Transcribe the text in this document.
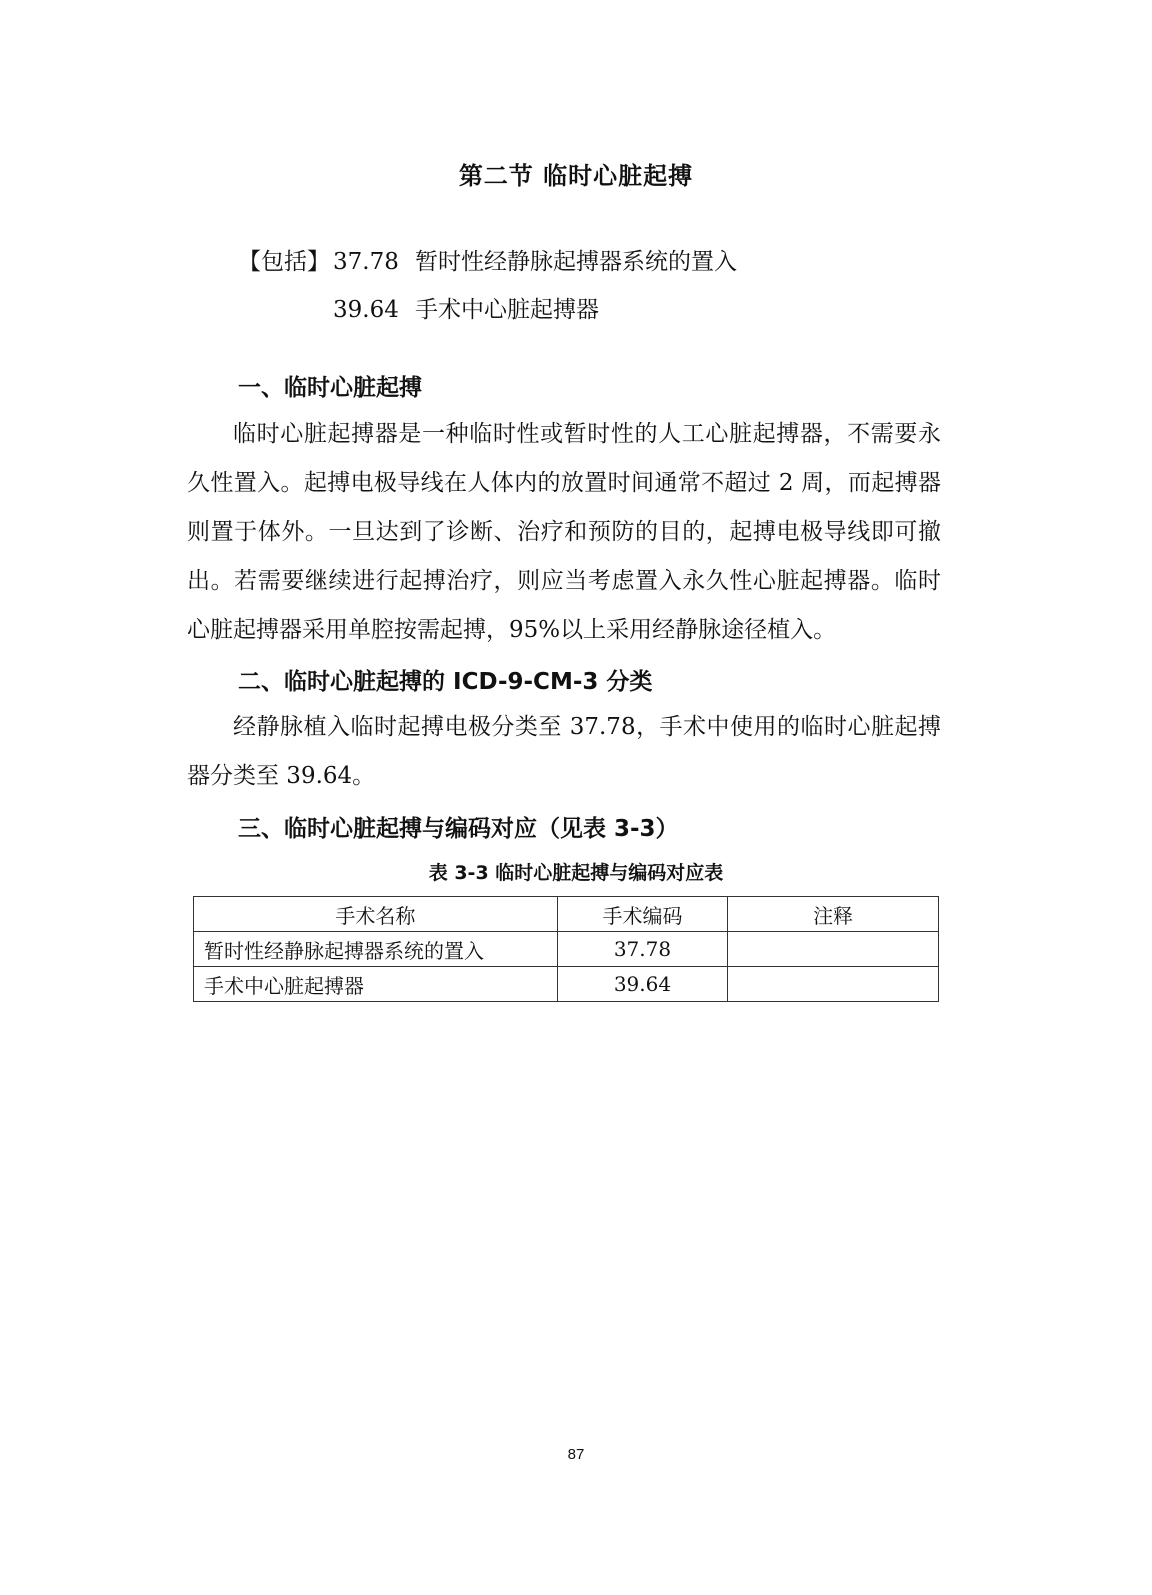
第二节 临时心脏起搏
【包括】 37.78 暂时性经静脉起搏器系统的置入
39.64 手术中心脏起搏器
一、临时心脏起搏

临时心脏起搏器是一种临时性或暂时性的人工心脏起搏器，不需要永久性置入。起搏电极导线在人体内的放置时间通常不超过 2 周，而起搏器则置于体外。一旦达到了诊断、治疗和预防的目的，起搏电极导线即可撤出。若需要继续进行起搏治疗，则应当考虑置入永久性心脏起搏器。临时心脏起搏器采用单腔按需起搏，95%以上采用经静脉途径植入。

二、临时心脏起搏的 ICD-9-CM-3 分类

经静脉植入临时起搏电极分类至 37.78，手术中使用的临时心脏起搏器分类至 39.64。

三、临时心脏起搏与编码对应（见表 3-3）
表 3-3 临时心脏起搏与编码对应表
手术名称	手术编码	注释
暂时性经静脉起搏器系统的置入	37.78	
手术中心脏起搏器	39.64	
87
